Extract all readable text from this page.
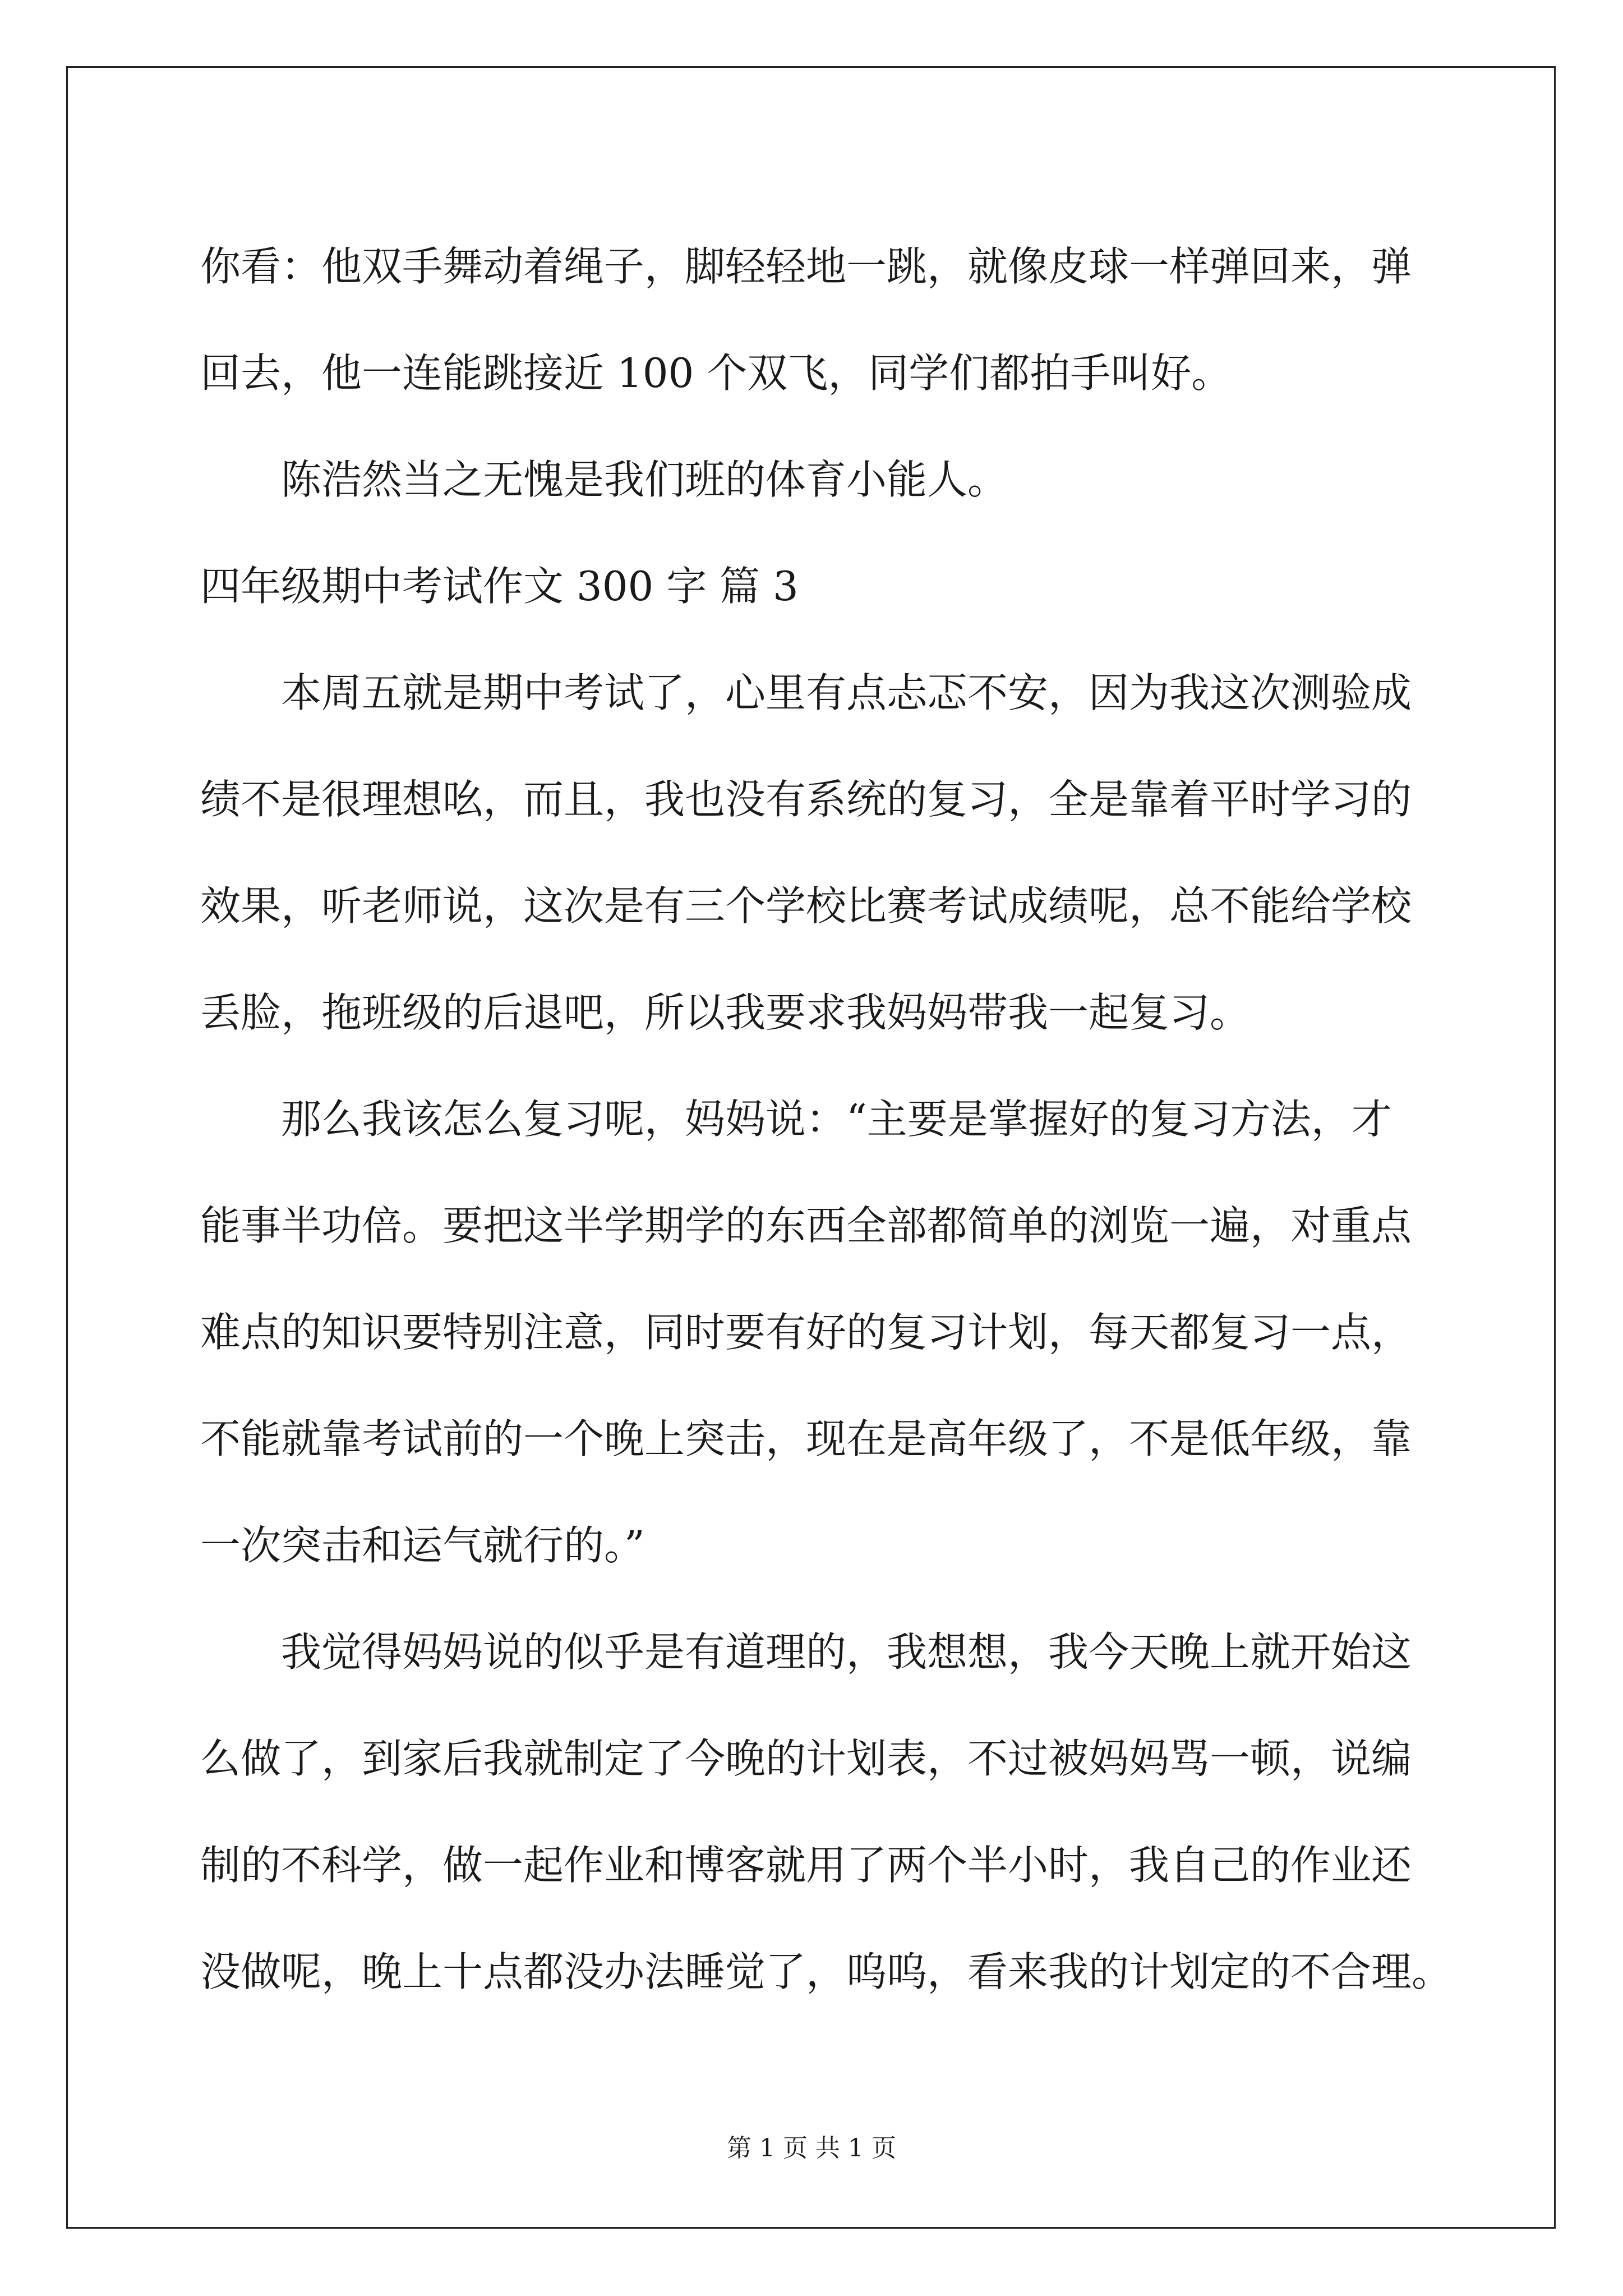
你看：他双手舞动着绳子，脚轻轻地一跳，就像皮球一样弹回来，弹
回去，他一连能跳接近 100 个双飞，同学们都拍手叫好。
陈浩然当之无愧是我们班的体育小能人。
四年级期中考试作文 300 字 篇 3
本周五就是期中考试了，心里有点忐忑不安，因为我这次测验成
绩不是很理想吆，而且，我也没有系统的复习，全是靠着平时学习的
效果，听老师说，这次是有三个学校比赛考试成绩呢，总不能给学校
丢脸，拖班级的后退吧，所以我要求我妈妈带我一起复习。
那么我该怎么复习呢，妈妈说：“主要是掌握好的复习方法，才
能事半功倍。要把这半学期学的东西全部都简单的浏览一遍，对重点
难点的知识要特别注意，同时要有好的复习计划，每天都复习一点，
不能就靠考试前的一个晚上突击，现在是高年级了，不是低年级，靠
一次突击和运气就行的。”
我觉得妈妈说的似乎是有道理的，我想想，我今天晚上就开始这
么做了，到家后我就制定了今晚的计划表，不过被妈妈骂一顿，说编
制的不科学，做一起作业和博客就用了两个半小时，我自己的作业还
没做呢，晚上十点都没办法睡觉了，呜呜，看来我的计划定的不合理。
第 1 页 共 1 页
